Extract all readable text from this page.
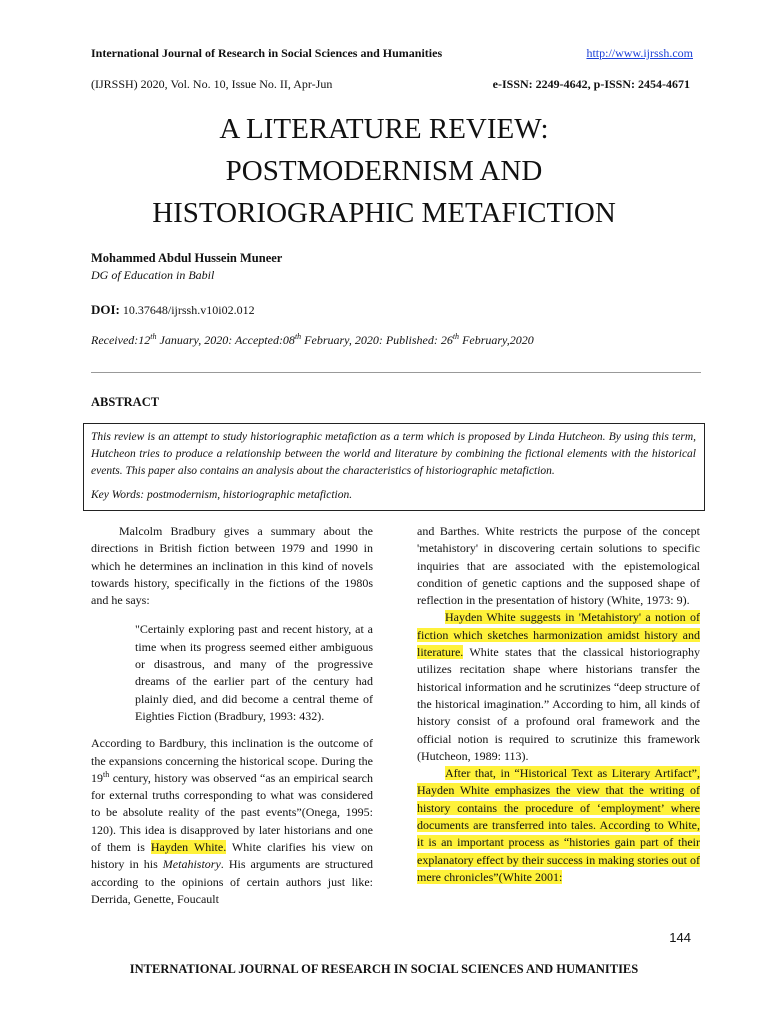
International Journal of Research in Social Sciences and Humanities	http://www.ijrssh.com
(IJRSSH) 2020, Vol. No. 10, Issue No. II, Apr-Jun	e-ISSN: 2249-4642, p-ISSN: 2454-4671
A LITERATURE REVIEW:
POSTMODERNISM AND
HISTORIOGRAPHIC METAFICTION
Mohammed Abdul Hussein Muneer
DG of Education in Babil
DOI: 10.37648/ijrssh.v10i02.012
Received:12th January, 2020: Accepted:08th February, 2020: Published: 26th February,2020
ABSTRACT
This review is an attempt to study historiographic metafiction as a term which is proposed by Linda Hutcheon. By using this term, Hutcheon tries to produce a relationship between the world and literature by combining the fictional elements with the historical events. This paper also contains an analysis about the characteristics of historiographic metafiction.
Key Words: postmodernism, historiographic metafiction.

Malcolm Bradbury gives a summary about the directions in British fiction between 1979 and 1990 in which he determines an inclination in this kind of novels towards history, specifically in the fictions of the 1980s and he says:

"Certainly exploring past and recent history, at a time when its progress seemed either ambiguous or disastrous, and many of the progressive dreams of the earlier part of the century had plainly died, and did become a central theme of Eighties Fiction (Bradbury, 1993: 432).

According to Bardbury, this inclination is the outcome of the expansions concerning the historical scope. During the 19th century, history was observed “as an empirical search for external truths corresponding to what was considered to be absolute reality of the past events”(Onega, 1995: 120). This idea is disapproved by later historians and one of them is Hayden White. White clarifies his view on history in his Metahistory. His arguments are structured according to the opinions of certain authors just like: Derrida, Genette, Foucault

and Barthes. White restricts the purpose of the concept 'metahistory' in discovering certain solutions to specific inquiries that are associated with the epistemological condition of genetic captions and the supposed shape of reflection in the presentation of history (White, 1973: 9).

Hayden White suggests in 'Metahistory' a notion of fiction which sketches harmonization amidst history and literature. White states that the classical historiography utilizes recitation shape where historians transfer the historical information and he scrutinizes “deep structure of the historical imagination.” According to him, all kinds of history consist of a profound oral framework and the official notion is required to scrutinize this framework (Hutcheon, 1989: 113).

After that, in “Historical Text as Literary Artifact”, Hayden White emphasizes the view that the writing of history contains the procedure of ‘employment’ where documents are transferred into tales. According to White, it is an important process as “histories gain part of their explanatory effect by their success in making stories out of mere chronicles”(White 2001:

144
INTERNATIONAL JOURNAL OF RESEARCH IN SOCIAL SCIENCES AND HUMANITIES
